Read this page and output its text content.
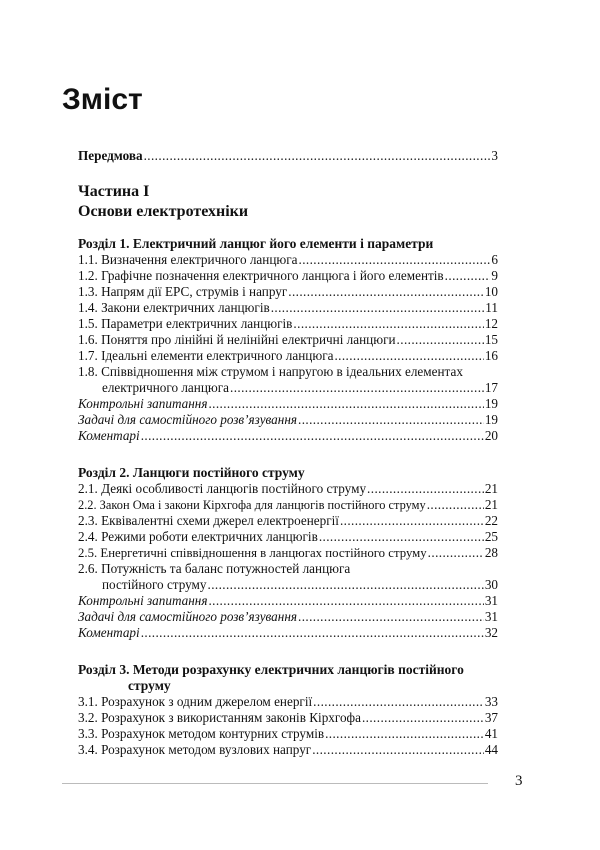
Зміст
Передмова .....	3
Частина І
Основи електротехніки
Розділ 1. Електричний ланцюг його елементи і параметри
1.1. Визначення електричного ланцюга .....	6
1.2. Графічне позначення електричного ланцюга і його елементів .....	9
1.3. Напрям дії ЕРС, струмів і напруг .....	10
1.4. Закони електричних ланцюгів .....	11
1.5. Параметри електричних ланцюгів .....	12
1.6. Поняття про лінійні й нелінійні електричні ланцюги .....	15
1.7. Ідеальні елементи електричного ланцюга .....	16
1.8. Співвідношення між струмом і напругою в ідеальних елементах
електричного ланцюга .....	17
Контрольні запитання .....	19
Задачі для самостійного розв’язування .....	19
Коментарі .....	20
Розділ 2. Ланцюги постійного струму
2.1. Деякі особливості ланцюгів постійного струму .....	21
2.2. Закон Ома і закони Кірхгофа для ланцюгів постійного струму .....	21
2.3. Еквівалентні схеми джерел електроенергії .....	22
2.4. Режими роботи електричних ланцюгів .....	25
2.5. Енергетичні співвідношення в ланцюгах постійного струму .....	28
2.6. Потужність та баланс потужностей ланцюга
постійного струму .....	30
Контрольні запитання .....	31
Задачі для самостійного розв’язування .....	31
Коментарі .....	32
Розділ 3. Методи розрахунку електричних ланцюгів постійного
струму
3.1. Розрахунок з одним джерелом енергії .....	33
3.2. Розрахунок з використанням законів Кірхгофа .....	37
3.3. Розрахунок методом контурних струмів .....	41
3.4. Розрахунок методом вузлових напруг .....	44
3
